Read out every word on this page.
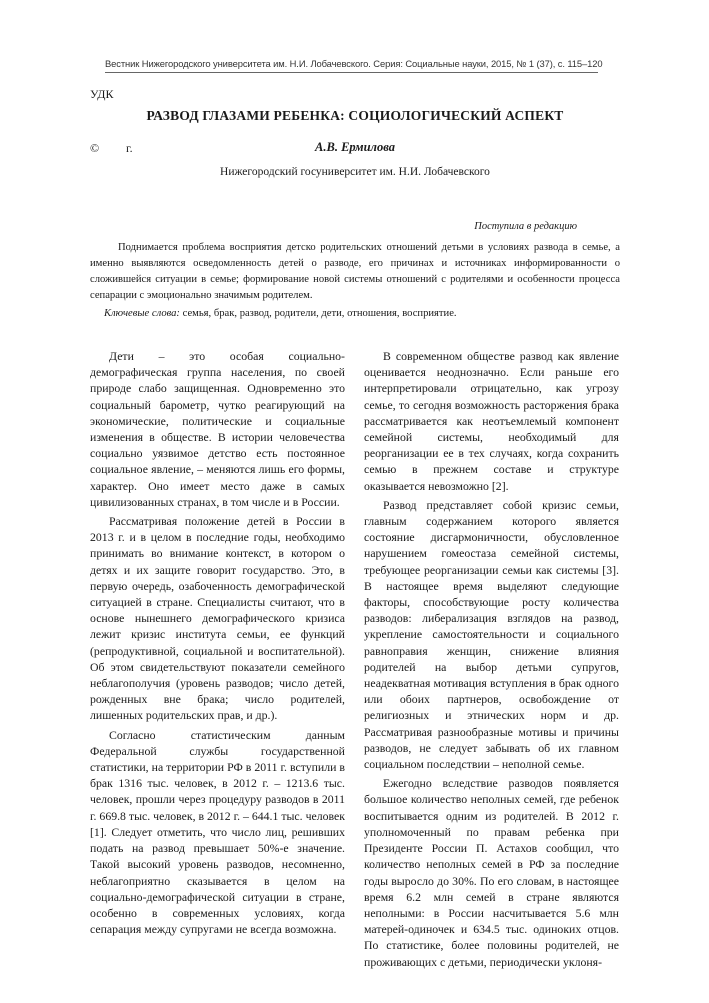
Вестник Нижегородского университета им. Н.И. Лобачевского. Серия: Социальные науки, 2015, № 1 (37), с. 115–120
УДК
РАЗВОД ГЛАЗАМИ РЕБЕНКА: СОЦИОЛОГИЧЕСКИЙ АСПЕКТ
© г.	А.В. Ермилова
Нижегородский госуниверситет им. Н.И. Лобачевского
Поступила в редакцию

Поднимается проблема восприятия детско родительских отношений детьми в условиях развода в семье, а именно выявляются осведомленность детей о разводе, его причинах и источниках информированности о сложившейся ситуации в семье; формирование новой системы отношений с родителями и особенности процесса сепарации с эмоционально значимым родителем.

Ключевые слова: семья, брак, развод, родители, дети, отношения, восприятие.

Дети – это особая социально-демографическая группа населения, по своей природе слабо защищенная. Одновременно это социальный барометр, чутко реагирующий на экономические, политические и социальные изменения в обществе. В истории человечества социально уязвимое детство есть постоянное социальное явление, – меняются лишь его формы, характер. Оно имеет место даже в самых цивилизованных странах, в том числе и в России.

Рассматривая положение детей в России в 2013 г. и в целом в последние годы, необходимо принимать во внимание контекст, в котором о детях и их защите говорит государство. Это, в первую очередь, озабоченность демографической ситуацией в стране. Специалисты считают, что в основе нынешнего демографического кризиса лежит кризис института семьи, ее функций (репродуктивной, социальной и воспитательной). Об этом свидетельствуют показатели семейного неблагополучия (уровень разводов; число детей, рожденных вне брака; число родителей, лишенных родительских прав, и др.).

Согласно статистическим данным Федеральной службы государственной статистики, на территории РФ в 2011 г. вступили в брак 1316 тыс. человек, в 2012 г. – 1213.6 тыс. человек, прошли через процедуру разводов в 2011 г. 669.8 тыс. человек, в 2012 г. – 644.1 тыс. человек [1]. Следует отметить, что число лиц, решивших подать на развод превышает 50%-е значение. Такой высокий уровень разводов, несомненно, неблагоприятно сказывается в целом на социально-демографической ситуации в стране, особенно в современных условиях, когда сепарация между супругами не всегда возможна.

В современном обществе развод как явление оценивается неоднозначно. Если раньше его интерпретировали отрицательно, как угрозу семье, то сегодня возможность расторжения брака рассматривается как неотъемлемый компонент семейной системы, необходимый для реорганизации ее в тех случаях, когда сохранить семью в прежнем составе и структуре оказывается невозможно [2].

Развод представляет собой кризис семьи, главным содержанием которого является состояние дисгармоничности, обусловленное нарушением гомеостаза семейной системы, требующее реорганизации семьи как системы [3]. В настоящее время выделяют следующие факторы, способствующие росту количества разводов: либерализация взглядов на развод, укрепление самостоятельности и социального равноправия женщин, снижение влияния родителей на выбор детьми супругов, неадекватная мотивация вступления в брак одного или обоих партнеров, освобождение от религиозных и этнических норм и др. Рассматривая разнообразные мотивы и причины разводов, не следует забывать об их главном социальном последствии – неполной семье.

Ежегодно вследствие разводов появляется большое количество неполных семей, где ребенок воспитывается одним из родителей. В 2012 г. уполномоченный по правам ребенка при Президенте России П. Астахов сообщил, что количество неполных семей в РФ за последние годы выросло до 30%. По его словам, в настоящее время 6.2 млн семей в стране являются неполными: в России насчитывается 5.6 млн матерей-одиночек и 634.5 тыс. одиноких отцов. По статистике, более половины родителей, не проживающих с детьми, периодически уклоня-
